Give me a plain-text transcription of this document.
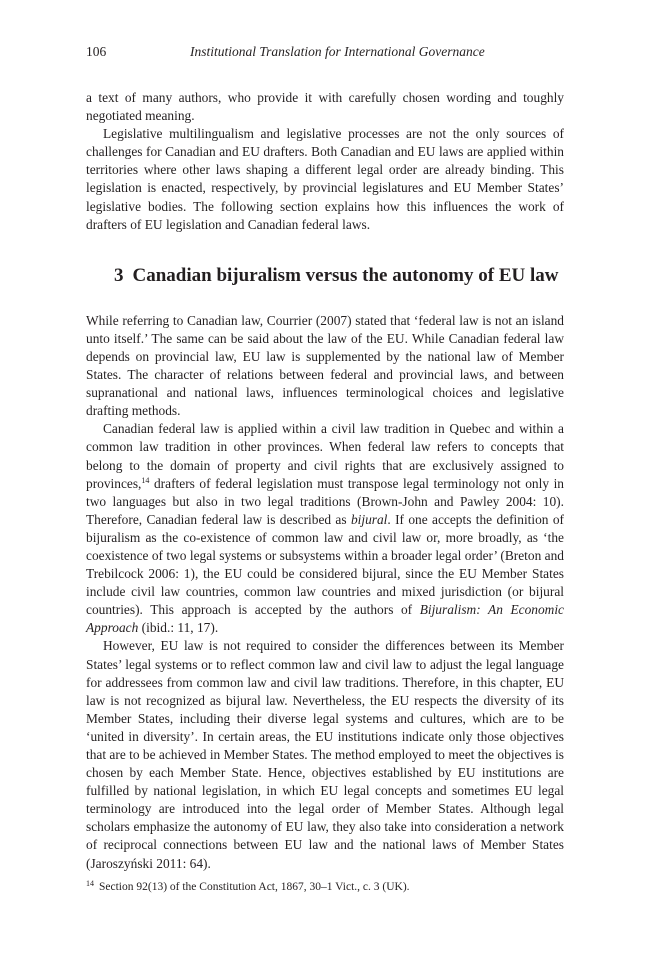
106	Institutional Translation for International Governance

a text of many authors, who provide it with carefully chosen wording and toughly negotiated meaning.

Legislative multilingualism and legislative processes are not the only sources of challenges for Canadian and EU drafters. Both Canadian and EU laws are applied within territories where other laws shaping a different legal order are already binding. This legislation is enacted, respectively, by provincial legislatures and EU Member States’ legislative bodies. The following section explains how this influences the work of drafters of EU legislation and Canadian federal laws.

3 Canadian bijuralism versus the autonomy of EU law

While referring to Canadian law, Courrier (2007) stated that ‘federal law is not an island unto itself.’ The same can be said about the law of the EU. While Canadian federal law depends on provincial law, EU law is supplemented by the national law of Member States. The character of relations between federal and provincial laws, and between supranational and national laws, influences terminological choices and legislative drafting methods.

Canadian federal law is applied within a civil law tradition in Quebec and within a common law tradition in other provinces. When federal law refers to concepts that belong to the domain of property and civil rights that are exclusively assigned to provinces,$^{14}$ drafters of federal legislation must transpose legal terminology not only in two languages but also in two legal traditions (Brown-John and Pawley 2004: 10). Therefore, Canadian federal law is described as bijural. If one accepts the definition of bijuralism as the co-existence of common law and civil law or, more broadly, as ‘the coexistence of two legal systems or subsystems within a broader legal order’ (Breton and Trebilcock 2006: 1), the EU could be considered bijural, since the EU Member States include civil law countries, common law countries and mixed jurisdiction (or bijural countries). This approach is accepted by the authors of Bijuralism: An Economic Approach (ibid.: 11, 17).

However, EU law is not required to consider the differences between its Member States’ legal systems or to reflect common law and civil law to adjust the legal language for addressees from common law and civil law traditions. Therefore, in this chapter, EU law is not recognized as bijural law. Nevertheless, the EU respects the diversity of its Member States, including their diverse legal systems and cultures, which are to be ‘united in diversity’. In certain areas, the EU institutions indicate only those objectives that are to be achieved in Member States. The method employed to meet the objectives is chosen by each Member State. Hence, objectives established by EU institutions are fulfilled by national legislation, in which EU legal concepts and sometimes EU legal terminology are introduced into the legal order of Member States. Although legal scholars emphasize the autonomy of EU law, they also take into consideration a network of reciprocal connections between EU law and the national laws of Member States (Jaroszyński 2011: 64).

$^{14}$ Section 92(13) of the Constitution Act, 1867, 30–1 Vict., c. 3 (UK).
